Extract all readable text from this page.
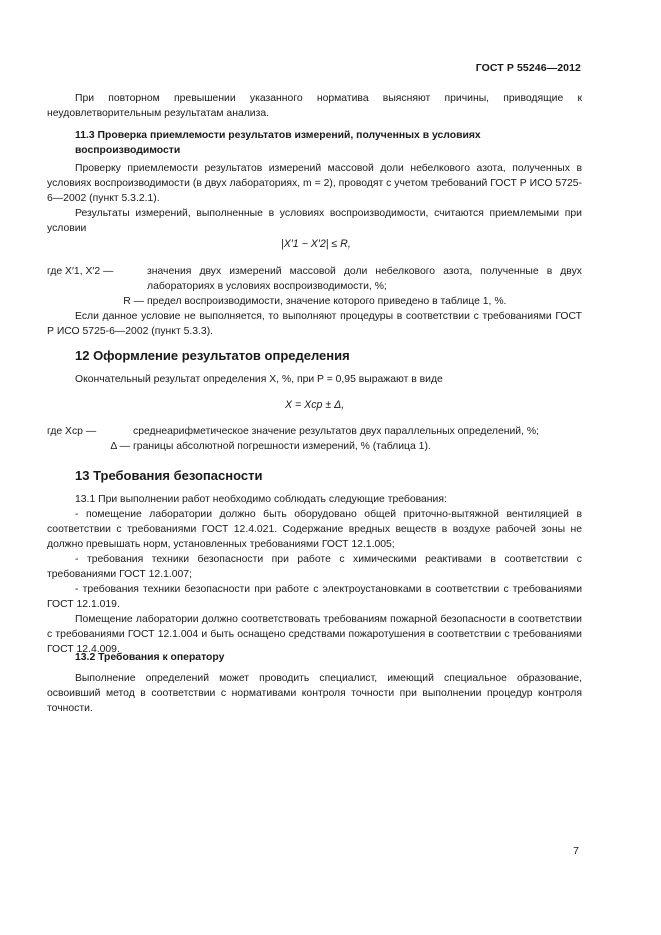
ГОСТ Р 55246—2012

При повторном превышении указанного норматива выясняют причины, приводящие к неудовлетворительным результатам анализа.

11.3 Проверка приемлемости результатов измерений, полученных в условиях воспроизводимости

Проверку приемлемости результатов измерений массовой доли небелкового азота, полученных в условиях воспроизводимости (в двух лабораториях, m = 2), проводят с учетом требований ГОСТ Р ИСО 5725-6—2002 (пункт 5.3.2.1).

Результаты измерений, выполненные в условиях воспроизводимости, считаются приемлемыми при условии

|X′1 − X′2| ≤ R,
где X′1, X′2 —	значения двух измерений массовой доли небелкового азота, полученные в двух лабораториях в условиях воспроизводимости, %;
R — предел воспроизводимости, значение которого приведено в таблице 1, %.

Если данное условие не выполняется, то выполняют процедуры в соответствии с требованиями ГОСТ Р ИСО 5725-6—2002 (пункт 5.3.3).

12 Оформление результатов определения

Окончательный результат определения X, %, при P = 0,95 выражают в виде

X = Xср ± Δ,
где Xср —	среднеарифметическое значение результатов двух параллельных определений, %;
Δ — границы абсолютной погрешности измерений, % (таблица 1).
13 Требования безопасности

13.1 При выполнении работ необходимо соблюдать следующие требования:

- помещение лаборатории должно быть оборудовано общей приточно-вытяжной вентиляцией в соответствии с требованиями ГОСТ 12.4.021. Содержание вредных веществ в воздухе рабочей зоны не должно превышать норм, установленных требованиями ГОСТ 12.1.005;

- требования техники безопасности при работе с химическими реактивами в соответствии с требованиями ГОСТ 12.1.007;

- требования техники безопасности при работе с электроустановками в соответствии с требованиями ГОСТ 12.1.019.

Помещение лаборатории должно соответствовать требованиям пожарной безопасности в соответствии с требованиями ГОСТ 12.1.004 и быть оснащено средствами пожаротушения в соответствии с требованиями ГОСТ 12.4.009.

13.2 Требования к оператору

Выполнение определений может проводить специалист, имеющий специальное образование, освоивший метод в соответствии с нормативами контроля точности при выполнении процедур контроля точности.

7
